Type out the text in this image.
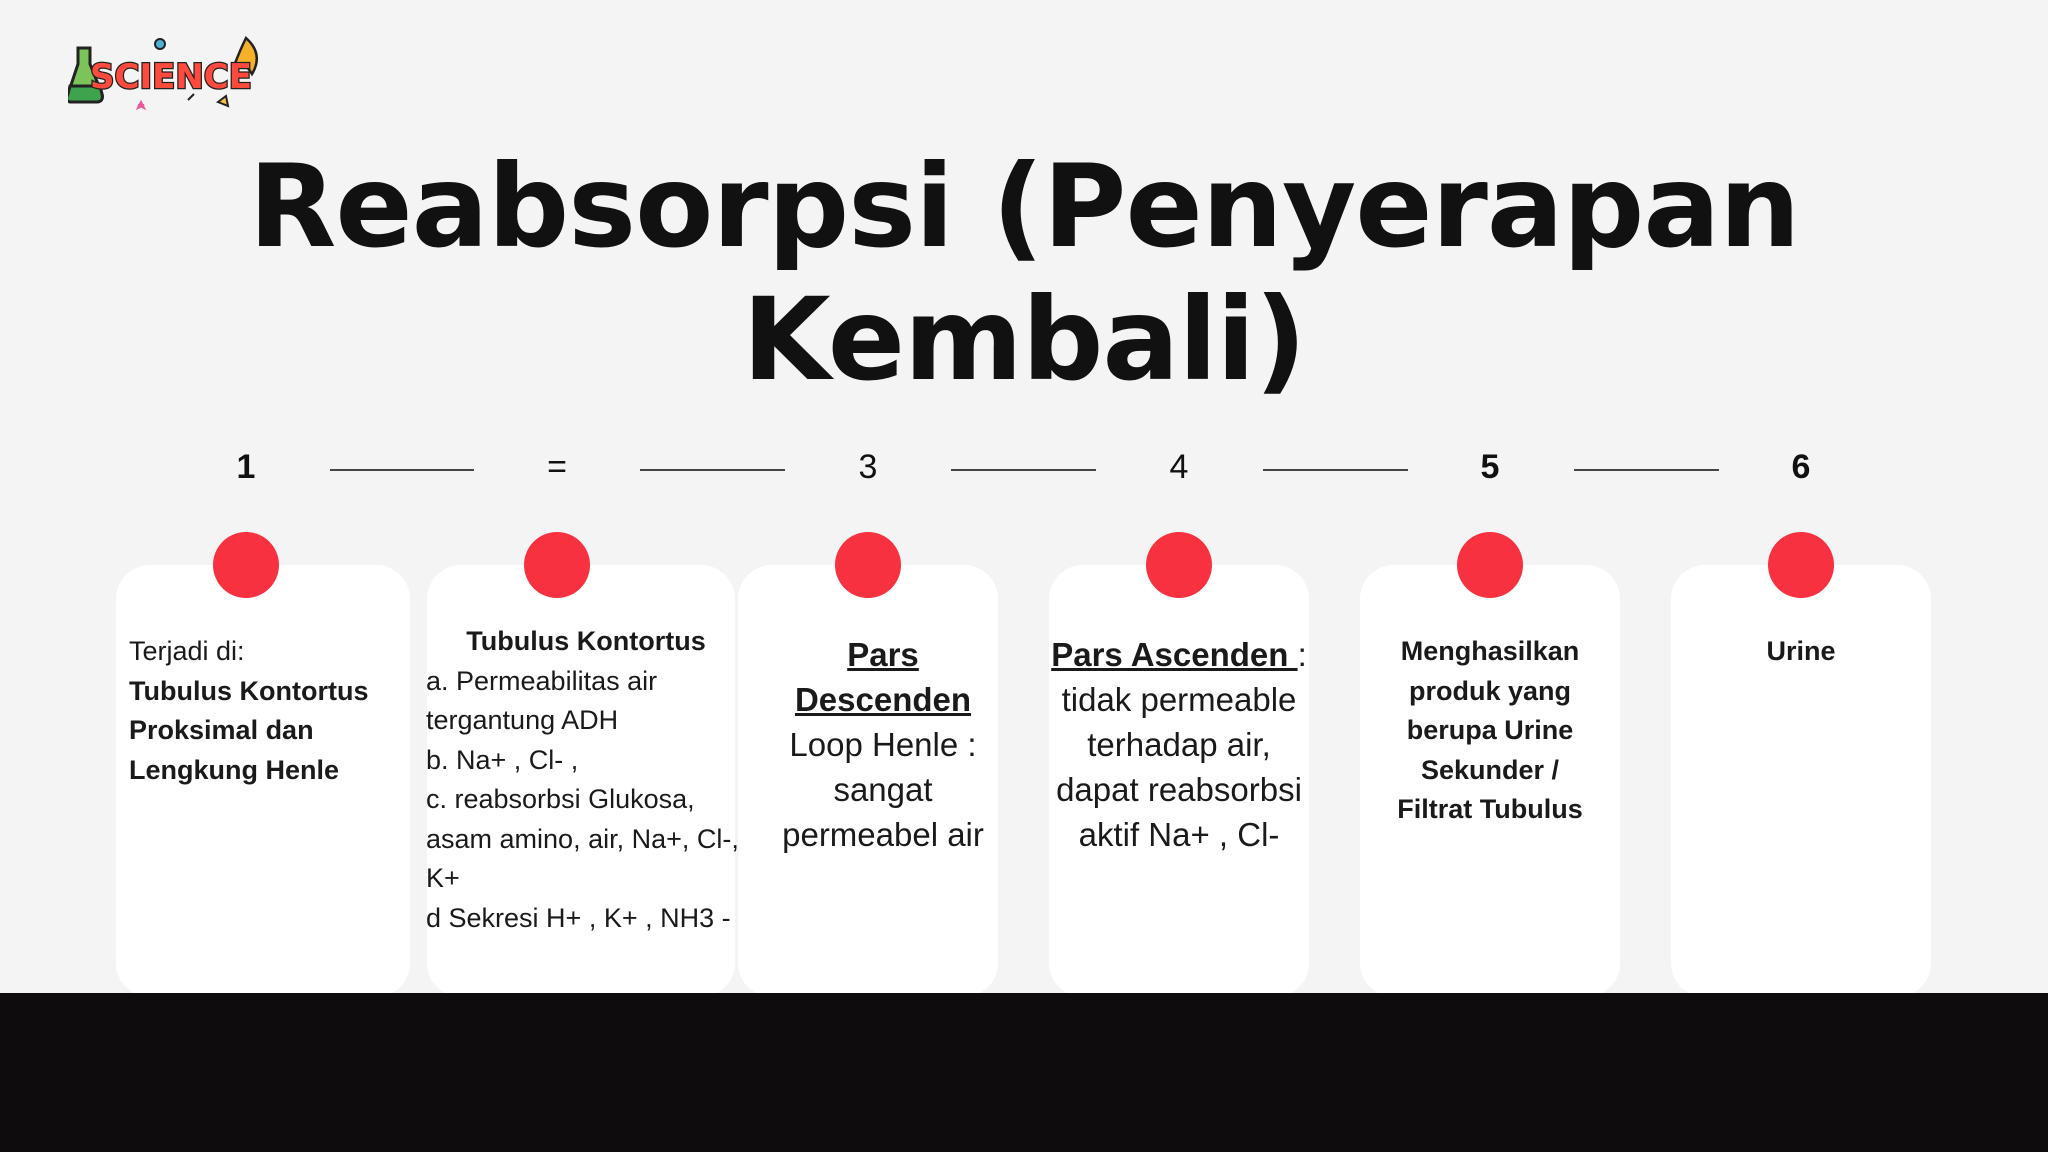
SCIENCE
Reabsorpsi (Penyerapan Kembali)
1	=	3	4	5	6
Terjadi di:
Tubulus Kontortus Proksimal dan Lengkung Henle
Tubulus Kontortus
a. Permeabilitas air
tergantung ADH
b. Na+ , Cl- ,
c. reabsorbsi Glukosa,
asam amino, air, Na+, Cl-,
K+
d Sekresi H+ , K+ , NH3 -
Pars Descenden
Loop Henle : sangat permeabel air
Pars Ascenden :
tidak permeable terhadap air, dapat reabsorbsi aktif Na+ , Cl-
Menghasilkan produk yang berupa Urine Sekunder / Filtrat Tubulus
Urine
